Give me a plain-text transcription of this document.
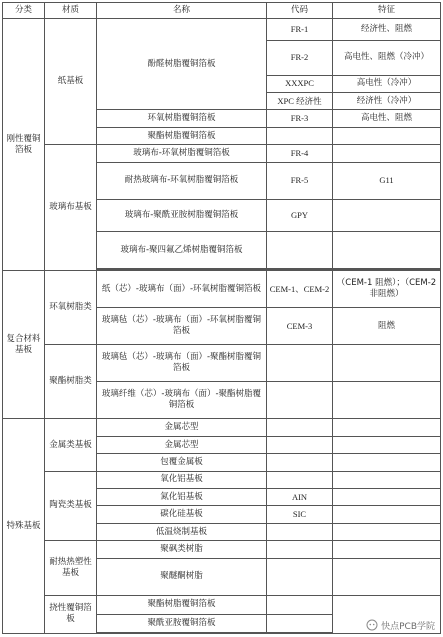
分类	材质	名称	代码	特征

刚性覆铜箔板	纸基板	酚醛树脂覆铜箔板	FR-1	经济性、阻燃
			FR-2	高电性、阻燃（冷冲）

			XXXPC	高电性（冷冲）
			XPC 经济性	经济性（冷冲）
		环氧树脂覆铜箔板	FR-3	高电性、阻燃
		聚酯树脂覆铜箔板		

	玻璃布基板	玻璃布-环氧树脂覆铜箔板	FR-4	

		耐热玻璃布-环氧树脂覆铜箔板	FR-5	G11
		玻璃布-聚酰亚胺树脂覆铜箔板	GPY	

		玻璃布-聚四氟乙烯树脂覆铜箔板		

复合材料基板	环氧树脂类	纸（芯）-玻璃布（面）-环氧树脂覆铜箔板	CEM-1、CEM-2	（CEM-1 阻燃）；（CEM-2 非阻燃）

		玻璃毡（芯）-玻璃布（面）-环氧树脂覆铜箔板	CEM-3	阻燃

	聚酯树脂类	玻璃毡（芯）-玻璃布（面）-聚酯树脂覆铜箔板		

		玻璃纤维（芯）-玻璃布（面）-聚酯树脂覆铜箔板		

特殊基板	金属类基板	金属芯型		
		金属芯型		
		包覆金属板		

	陶瓷类基板	氧化铝基板		
		氮化铝基板	AIN	
		碳化硅基板	SIC	
		低温烧制基板		

	耐热热塑性基板	聚砜类树脂		
		聚醚酮树脂		

	挠性覆铜箔板	聚酯树脂覆铜箔板		
		聚酰亚胺覆铜箔板		
		快点PCB学院
